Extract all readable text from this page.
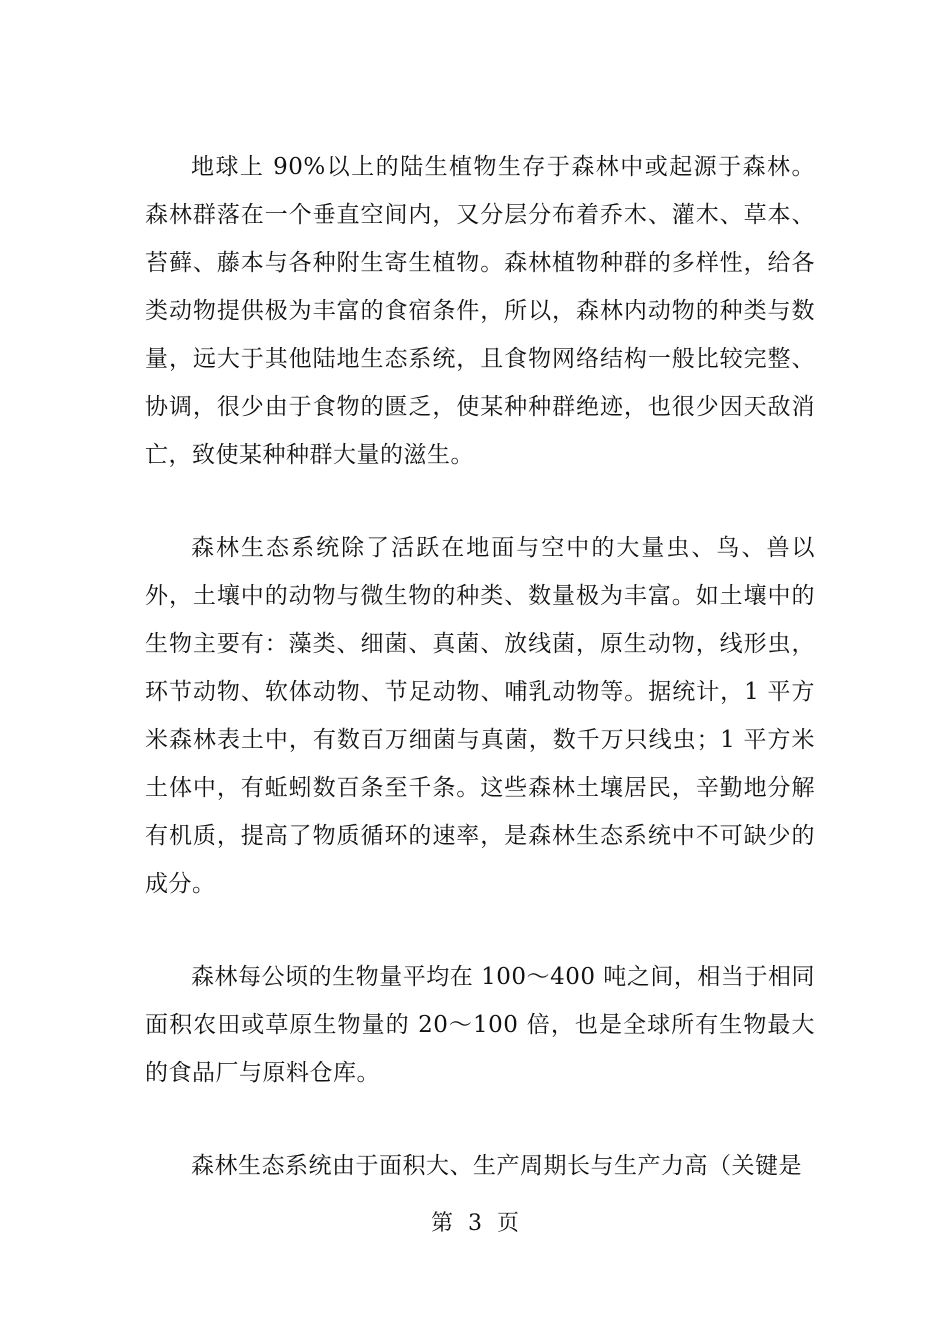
地球上 90%以上的陆生植物生存于森林中或起源于森林。森林群落在一个垂直空间内，又分层分布着乔木、灌木、草本、苔藓、藤本与各种附生寄生植物。森林植物种群的多样性，给各类动物提供极为丰富的食宿条件，所以，森林内动物的种类与数量，远大于其他陆地生态系统，且食物网络结构一般比较完整、协调，很少由于食物的匮乏，使某种种群绝迹，也很少因天敌消亡，致使某种种群大量的滋生。

森林生态系统除了活跃在地面与空中的大量虫、鸟、兽以外，土壤中的动物与微生物的种类、数量极为丰富。如土壤中的生物主要有：藻类、细菌、真菌、放线菌，原生动物，线形虫，环节动物、软体动物、节足动物、哺乳动物等。据统计，1 平方米森林表土中，有数百万细菌与真菌，数千万只线虫；1 平方米土体中，有蚯蚓数百条至千条。这些森林土壤居民，辛勤地分解有机质，提高了物质循环的速率，是森林生态系统中不可缺少的成分。

森林每公顷的生物量平均在 100～400 吨之间，相当于相同面积农田或草原生物量的 20～100 倍，也是全球所有生物最大的食品厂与原料仓库。

森林生态系统由于面积大、生产周期长与生产力高（关键是

第 3 页
